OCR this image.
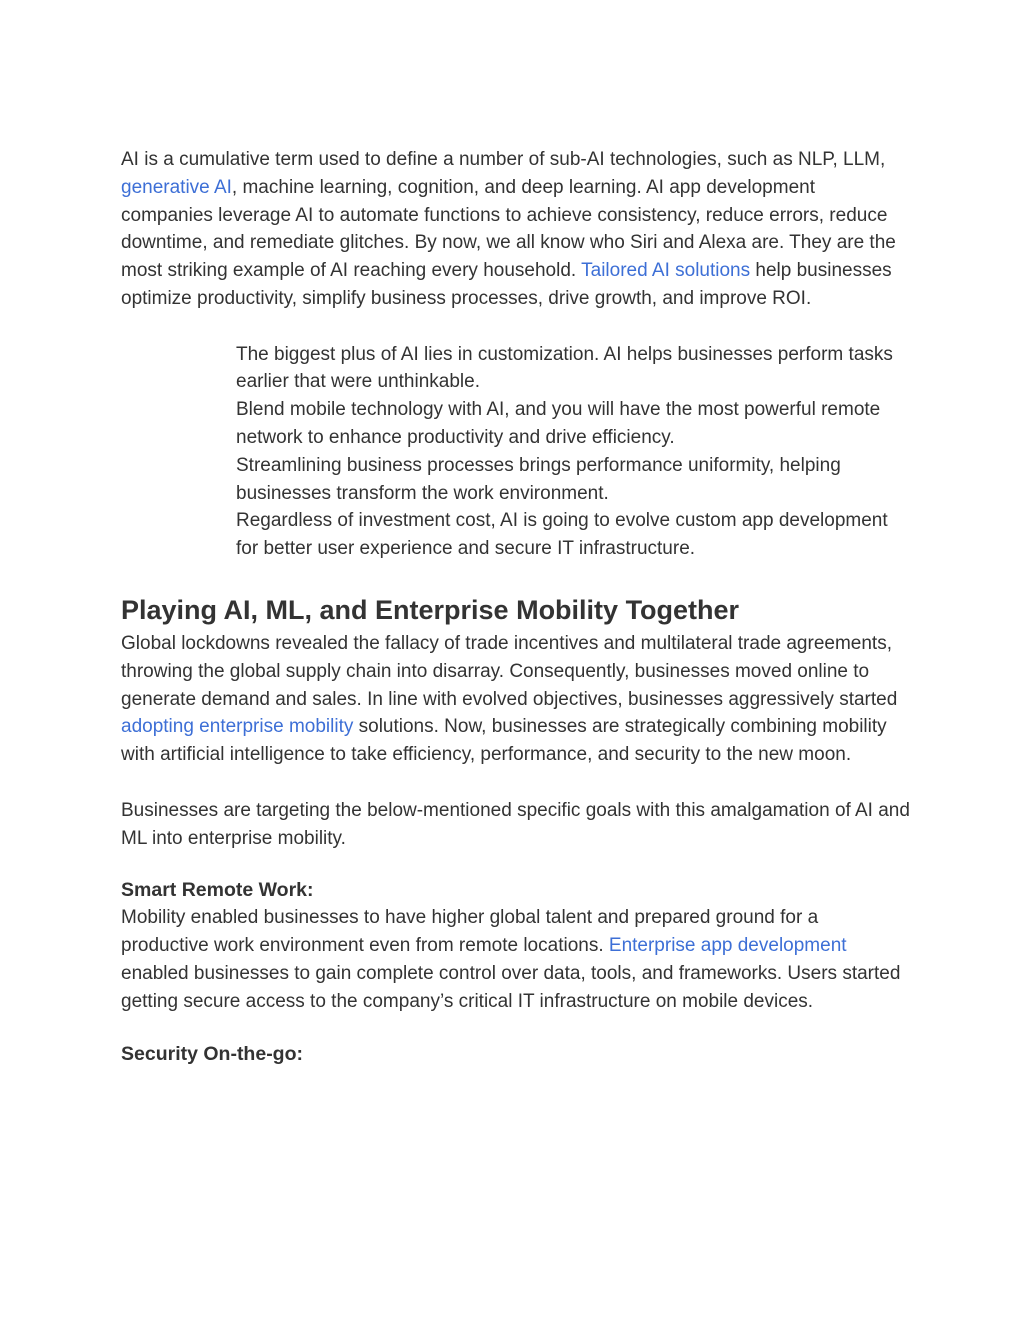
AI is a cumulative term used to define a number of sub-AI technologies, such as NLP, LLM, generative AI, machine learning, cognition, and deep learning. AI app development companies leverage AI to automate functions to achieve consistency, reduce errors, reduce downtime, and remediate glitches. By now, we all know who Siri and Alexa are. They are the most striking example of AI reaching every household. Tailored AI solutions help businesses optimize productivity, simplify business processes, drive growth, and improve ROI.

The biggest plus of AI lies in customization. AI helps businesses perform tasks earlier that were unthinkable.

Blend mobile technology with AI, and you will have the most powerful remote network to enhance productivity and drive efficiency.

Streamlining business processes brings performance uniformity, helping businesses transform the work environment.

Regardless of investment cost, AI is going to evolve custom app development for better user experience and secure IT infrastructure.

Playing AI, ML, and Enterprise Mobility Together

Global lockdowns revealed the fallacy of trade incentives and multilateral trade agreements, throwing the global supply chain into disarray. Consequently, businesses moved online to generate demand and sales. In line with evolved objectives, businesses aggressively started adopting enterprise mobility solutions. Now, businesses are strategically combining mobility with artificial intelligence to take efficiency, performance, and security to the new moon.

Businesses are targeting the below-mentioned specific goals with this amalgamation of AI and ML into enterprise mobility.

Smart Remote Work:

Mobility enabled businesses to have higher global talent and prepared ground for a productive work environment even from remote locations. Enterprise app development enabled businesses to gain complete control over data, tools, and frameworks. Users started getting secure access to the company’s critical IT infrastructure on mobile devices.

Security On-the-go:
